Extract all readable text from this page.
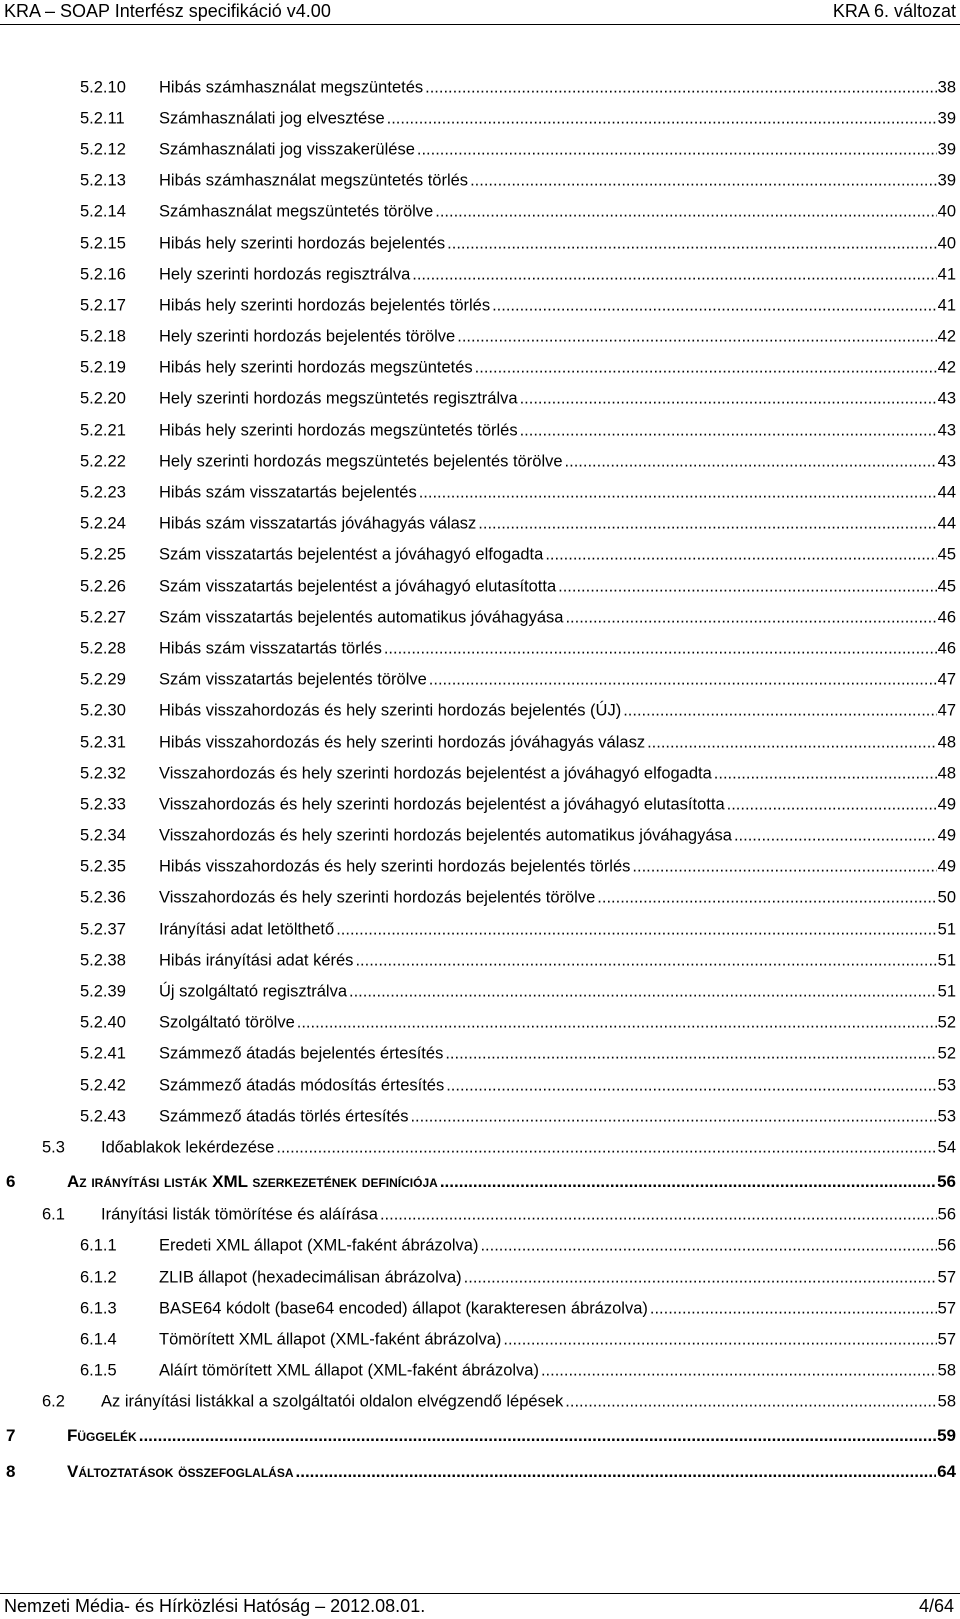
KRA – SOAP Interfész specifikáció v4.00	KRA 6. változat
5.2.10 Hibás számhasználat megszüntetés .....	38
5.2.11 Számhasználati jog elvesztése .....	39
5.2.12 Számhasználati jog visszakerülése .....	39
5.2.13 Hibás számhasználat megszüntetés törlés .....	39
5.2.14 Számhasználat megszüntetés törölve .....	40
5.2.15 Hibás hely szerinti hordozás bejelentés .....	40
5.2.16 Hely szerinti hordozás regisztrálva .....	41
5.2.17 Hibás hely szerinti hordozás bejelentés törlés .....	41
5.2.18 Hely szerinti hordozás bejelentés törölve .....	42
5.2.19 Hibás hely szerinti hordozás megszüntetés .....	42
5.2.20 Hely szerinti hordozás megszüntetés regisztrálva .....	43
5.2.21 Hibás hely szerinti hordozás megszüntetés törlés .....	43
5.2.22 Hely szerinti hordozás megszüntetés bejelentés törölve .....	43
5.2.23 Hibás szám visszatartás bejelentés .....	44
5.2.24 Hibás szám visszatartás jóváhagyás válasz .....	44
5.2.25 Szám visszatartás bejelentést a jóváhagyó elfogadta .....	45
5.2.26 Szám visszatartás bejelentést a jóváhagyó elutasította .....	45
5.2.27 Szám visszatartás bejelentés automatikus jóváhagyása .....	46
5.2.28 Hibás szám visszatartás törlés .....	46
5.2.29 Szám visszatartás bejelentés törölve .....	47
5.2.30 Hibás visszahordozás és hely szerinti hordozás bejelentés (ÚJ) .....	47
5.2.31 Hibás visszahordozás és hely szerinti hordozás jóváhagyás válasz .....	48
5.2.32 Visszahordozás és hely szerinti hordozás bejelentést a jóváhagyó elfogadta .....	48
5.2.33 Visszahordozás és hely szerinti hordozás bejelentést a jóváhagyó elutasította .....	49
5.2.34 Visszahordozás és hely szerinti hordozás bejelentés automatikus jóváhagyása .....	49
5.2.35 Hibás visszahordozás és hely szerinti hordozás bejelentés törlés .....	49
5.2.36 Visszahordozás és hely szerinti hordozás bejelentés törölve .....	50
5.2.37 Irányítási adat letölthető .....	51
5.2.38 Hibás irányítási adat kérés .....	51
5.2.39 Új szolgáltató regisztrálva .....	51
5.2.40 Szolgáltató törölve .....	52
5.2.41 Számmező átadás bejelentés értesítés .....	52
5.2.42 Számmező átadás módosítás értesítés .....	53
5.2.43 Számmező átadás törlés értesítés .....	53
5.3 Időablakok lekérdezése .....	54
6	Az irányítási listák XML szerkezetének definíciója .....	56
6.1 Irányítási listák tömörítése és aláírása .....	56
6.1.1	Eredeti XML állapot (XML-faként ábrázolva) .....	56
6.1.2	ZLIB állapot (hexadecimálisan ábrázolva) .....	57
6.1.3	BASE64 kódolt (base64 encoded) állapot (karakteresen ábrázolva) .....	57
6.1.4	Tömörített XML állapot (XML-faként ábrázolva) .....	57
6.1.5	Aláírt tömörített XML állapot (XML-faként ábrázolva) .....	58
6.2 Az irányítási listákkal a szolgáltatói oldalon elvégzendő lépések .....	58
7	Függelék .....	59
8	Változtatások összefoglalása .....	64
Nemzeti Média- és Hírközlési Hatóság – 2012.08.01.	4/64
